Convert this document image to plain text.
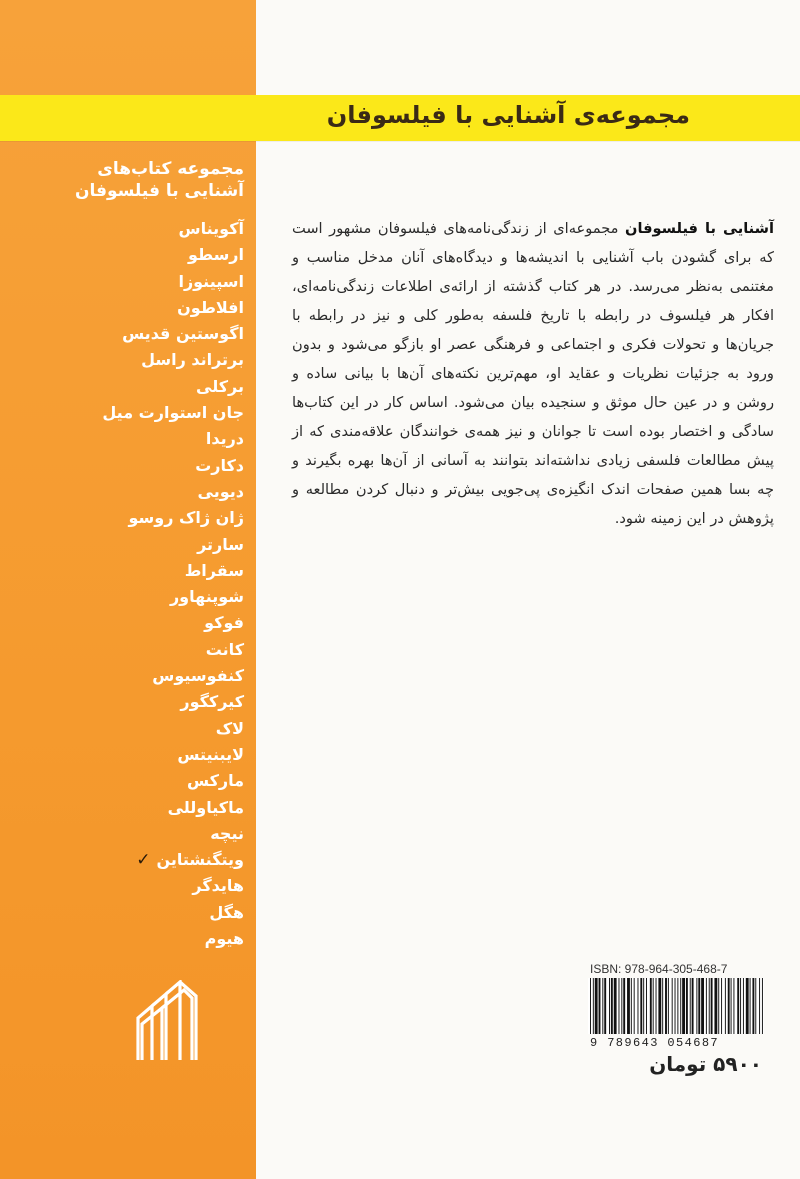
مجموعه‌ی آشنایی با فیلسوفان
مجموعه کتاب‌های
آشنایی با فیلسوفان
آکویناس
ارسطو
اسپینوزا
افلاطون
اگوستین قدیس
برتراند راسل
برکلی
جان استوارت میل
دریدا
دکارت
دیویی
ژان ژاک روسو
سارتر
سقراط
شوپنهاور
فوکو
کانت
کنفوسیوس
کیرکگور
لاک
لایبنیتس
مارکس
ماکیاوللی
نیچه
ویتگنشتاین✓
هایدگر
هگل
هیوم
آشنایی با فیلسوفان مجموعه‌ای از زندگی‌نامه‌های فیلسوفان مشهور است که برای گشودن باب آشنایی با اندیشه‌ها و دیدگاه‌های آنان مدخل مناسب و مغتنمی به‌نظر می‌رسد. در هر کتاب گذشته از ارائه‌ی اطلاعات زندگی‌نامه‌ای، افکار هر فیلسوف در رابطه با تاریخ فلسفه به‌طور کلی و نیز در رابطه با جریان‌ها و تحولات فکری و اجتماعی و فرهنگی عصر او بازگو می‌شود و بدون ورود به جزئیات نظریات و عقاید او، مهم‌ترین نکته‌های آن‌ها با بیانی ساده و روشن و در عین حال موثق و سنجیده بیان می‌شود. اساس کار در این کتاب‌ها سادگی و اختصار بوده است تا جوانان و نیز همه‌ی خوانندگان علاقه‌مندی که از پیش مطالعات فلسفی زیادی نداشته‌اند بتوانند به آسانی از آن‌ها بهره بگیرند و چه بسا همین صفحات اندک انگیزه‌ی پی‌جویی بیش‌تر و دنبال کردن مطالعه و پژوهش در این زمینه شود.
ISBN: 978-964-305-468-7
9 789643 054687
۵۹۰۰ تومان
